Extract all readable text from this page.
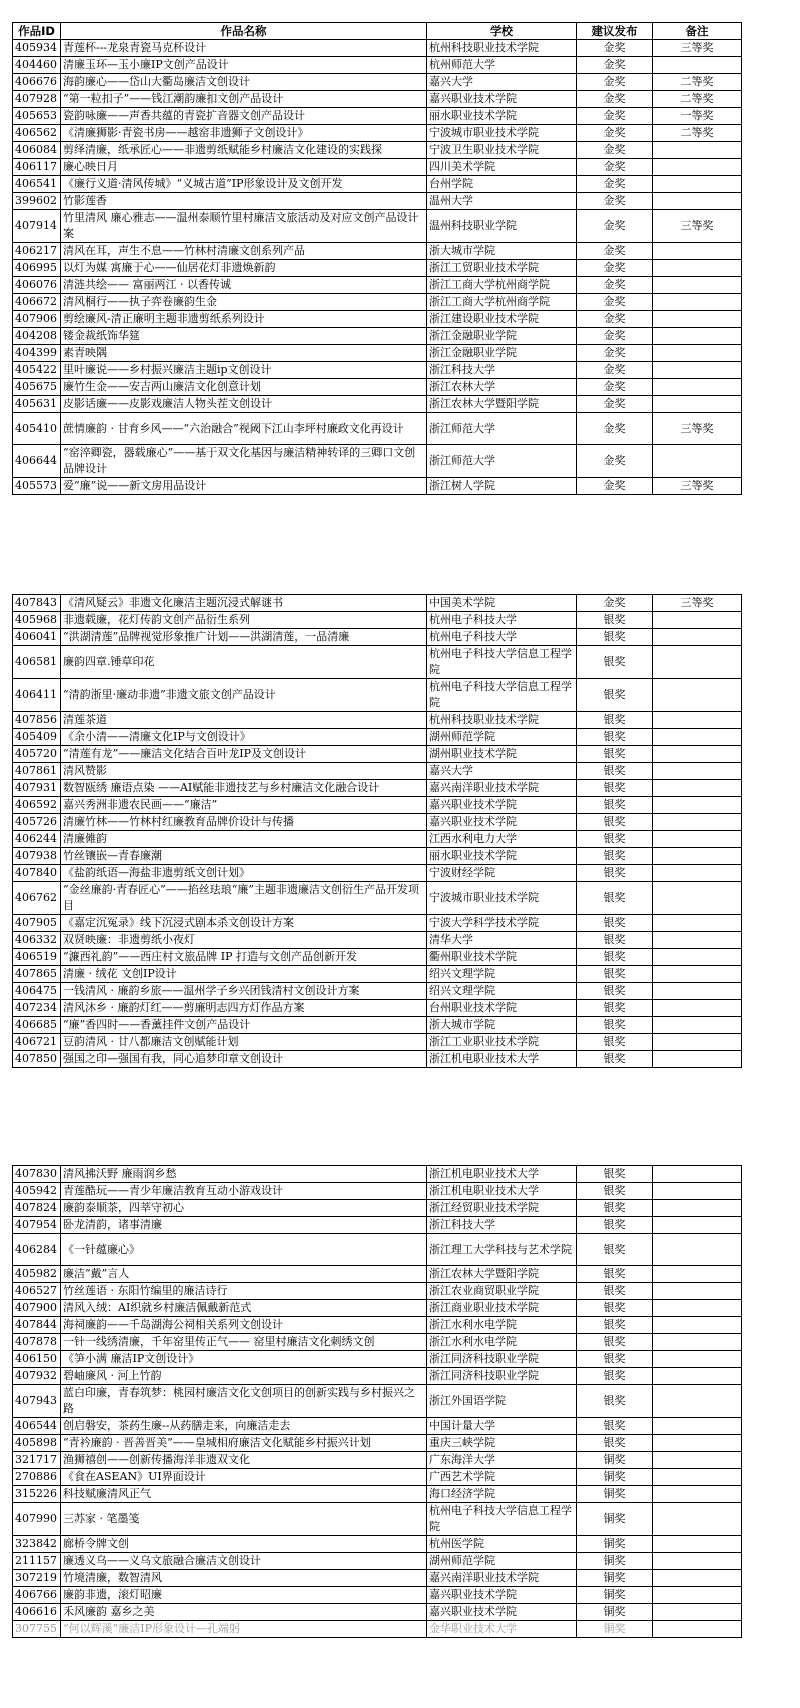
作品ID	作品名称	学校	建议发布	备注
405934	青莲杯---龙泉青瓷马克杯设计	杭州科技职业技术学院	金奖	三等奖
404460	清廉玉环—玉小廉IP文创产品设计	杭州师范大学	金奖	
406676	海韵廉心——岱山大衢岛廉洁文创设计	嘉兴大学	金奖	二等奖
407928	“第一粒扣子”——钱江潮韵廉扣文创产品设计	嘉兴职业技术学院	金奖	二等奖
405653	瓷韵咏廉——声香共蕴的青瓷扩音器文创产品设计	丽水职业技术学院	金奖	一等奖
406562	《清廉狮影·青瓷书房——越窑非遗狮子文创设计》	宁波城市职业技术学院	金奖	二等奖
406084	剪绎清廉，纸承匠心——非遗剪纸赋能乡村廉洁文化建设的实践探	宁波卫生职业技术学院	金奖	
406117	廉心映日月	四川美术学院	金奖	
406541	《廉行义道·清风传城》“义城古道”IP形象设计及文创开发	台州学院	金奖	
399602	竹影莲香	温州大学	金奖	
407914	竹里清风 廉心雅志——温州泰顺竹里村廉洁文旅活动及对应文创产品设计案	温州科技职业学院	金奖	三等奖
406217	清风在耳，声生不息——竹林村清廉文创系列产品	浙大城市学院	金奖	
406995	以灯为媒 寓廉于心——仙居花灯非遗焕新韵	浙江工贸职业技术学院	金奖	
406076	清涟共绘—— 富丽两江 · 以香传诚	浙江工商大学杭州商学院	金奖	
406672	清风桐行——执子弈卷廉韵生金	浙江工商大学杭州商学院	金奖	
407906	剪绘廉风-清正廉明主题非遗剪纸系列设计	浙江建设职业技术学院	金奖	
404208	镂金裁纸饰华筵	浙江金融职业学院	金奖	
404399	素青映隅	浙江金融职业学院	金奖	
405422	里叶廉说——乡村振兴廉洁主题ip文创设计	浙江科技大学	金奖	
405675	廉竹生金——安吉两山廉洁文化创意计划	浙江农林大学	金奖	
405631	皮影话廉——皮影戏廉洁人物头茬文创设计	浙江农林大学暨阳学院	金奖	
405410	蔗情廉韵 · 甘育乡风——“六治融合”视阈下江山李坪村廉政文化再设计	浙江师范大学	金奖	三等奖
406644	“窑淬卿瓷，器载廉心”——基于双文化基因与廉洁精神转译的三卿口文创品牌设计	浙江师范大学	金奖	
405573	爱“廉”说——新文房用品设计	浙江树人学院	金奖	三等奖
407843	《清风疑云》非遗文化廉洁主题沉浸式解谜书	中国美术学院	金奖	三等奖
405968	非遗载廉，花灯传韵文创产品衍生系列	杭州电子科技大学	银奖	
406041	“洪湖清莲”品牌视觉形象推广计划——洪湖清莲，一品清廉	杭州电子科技大学	银奖	
406581	廉韵四章.锤草印花	杭州电子科技大学信息工程学院	银奖	
406411	“清韵浙里·廉动非遗”非遗文旅文创产品设计	杭州电子科技大学信息工程学院	银奖	
407856	清莲茶道	杭州科技职业技术学院	银奖	
405409	《余小清——清廉文化IP与文创设计》	湖州师范学院	银奖	
405720	“清莲有龙”——廉洁文化结合百叶龙IP及文创设计	湖州职业技术学院	银奖	
407861	清风赞影	嘉兴大学	银奖	
407931	数智瓯绣 廉语点染 ——AI赋能非遗技艺与乡村廉洁文化融合设计	嘉兴南洋职业技术学院	银奖	
406592	嘉兴秀洲非遗农民画——“廉洁”	嘉兴职业技术学院	银奖	
405726	清廉竹林——竹林村红廉教育品牌价设计与传播	嘉兴职业技术学院	银奖	
406244	清廉傩韵	江西水利电力大学	银奖	
407938	竹丝镶嵌—青春廉潮	丽水职业技术学院	银奖	
407840	《盐韵纸语—海盐非遗剪纸文创计划》	宁波财经学院	银奖	
406762	“金丝廉韵·青春匠心”——掐丝珐琅“廉”主题非遗廉洁文创衍生产品开发项目	宁波城市职业技术学院	银奖	
407905	《嘉定沉冤录》线下沉浸式剧本杀文创设计方案	宁波大学科学技术学院	银奖	
406332	双贤映廉：非遗剪纸小夜灯	清华大学	银奖	
406519	“濂西礼韵”——西庄村文旅品牌 IP 打造与文创产品创新开发	衢州职业技术学院	银奖	
407865	清廉 · 绒花 文创IP设计	绍兴文理学院	银奖	
406475	一钱清风 · 廉韵乡旅——温州学子乡兴团钱清村文创设计方案	绍兴文理学院	银奖	
407234	清风沐乡 · 廉韵灯红——剪廉明志四方灯作品方案	台州职业技术学院	银奖	
406685	“廉”香四时——香薰挂件文创产品设计	浙大城市学院	银奖	
406721	豆韵清风 · 廿八都廉洁文创赋能计划	浙江工业职业技术学院	银奖	
407850	强国之印—强国有我，同心追梦印章文创设计	浙江机电职业技术大学	银奖	
407830	清风拂沃野 廉雨润乡愁	浙江机电职业技术大学	银奖	
405942	青莲酷玩——青少年廉洁教育互动小游戏设计	浙江机电职业技术大学	银奖	
407824	廉韵泰顺茶，四莘守初心	浙江经贸职业技术学院	银奖	
407954	卧龙清韵，诸事清廉	浙江科技大学	银奖	
406284	《一针蕴廉心》	浙江理工大学科技与艺术学院	银奖	
405982	廉洁“戴”言人	浙江农林大学暨阳学院	银奖	
406527	竹丝莲语 · 东阳竹编里的廉洁诗行	浙江农业商贸职业学院	银奖	
407900	清风入绒：AI织就乡村廉洁佩戴新范式	浙江商业职业技术学院	银奖	
407844	海祠廉韵——千岛湖海公祠相关系列文创设计	浙江水利水电学院	银奖	
407878	一针一线绣清廉，千年窑里传正气—— 窑里村廉洁文化刺绣文创	浙江水利水电学院	银奖	
406150	《笋小满 廉洁IP文创设计》	浙江同济科技职业学院	银奖	
407932	碧岫廉风 · 河上竹韵	浙江同济科技职业学院	银奖	
407943	蓝白印廉，青春筑梦：桃园村廉洁文化文创项目的创新实践与乡村振兴之路	浙江外国语学院	银奖	
406544	创启磐安，茶药生廉--从药膳走来，向廉洁走去	中国计量大学	银奖	
405898	“青衿廉韵 · 晋善晋美”——皇城相府廉洁文化赋能乡村振兴计划	重庆三峡学院	银奖	
321717	渔狮禧创——创新传播海洋非遗双文化	广东海洋大学	铜奖	
270886	《食在ASEAN》UI界面设计	广西艺术学院	铜奖	
315226	科技赋廉清风正气	海口经济学院	铜奖	
407990	三苏家 · 笔墨笺	杭州电子科技大学信息工程学院	铜奖	
323842	廊桥令牌文创	杭州医学院	铜奖	
211157	廉透义乌——义乌文旅融合廉洁文创设计	湖州师范学院	铜奖	
307219	竹境清廉，数智清风	嘉兴南洋职业技术学院	铜奖	
406766	廉韵非遗，滚灯昭廉	嘉兴职业技术学院	铜奖	
406616	禾风廉韵 嘉乡之美	嘉兴职业技术学院	铜奖	
307755	“何以辉溪”廉洁IP形象设计—孔端躬	金华职业技术大学	铜奖	
